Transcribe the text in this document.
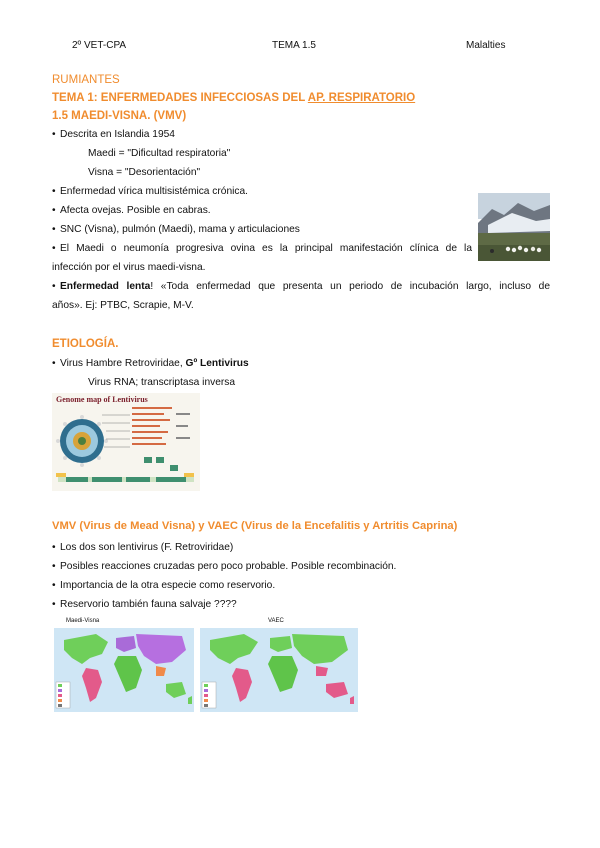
2º VET-CPA	TEMA 1.5	Malalties
RUMIANTES
TEMA 1: ENFERMEDADES INFECCIOSAS DEL AP. RESPIRATORIO
1.5 MAEDI-VISNA. (VMV)
• Descrita en Islandia 1954
Maedi = "Dificultad respiratoria"
Visna = "Desorientación"
• Enfermedad vírica multisistémica crónica.
• Afecta ovejas. Posible en cabras.
• SNC (Visna), pulmón (Maedi), mama y articulaciones
• El Maedi o neumonía progresiva ovina es la principal manifestación clínica de la
infección por el virus maedi-visna.
• Enfermedad lenta! «Toda enfermedad que presenta un periodo de incubación largo, incluso de
años». Ej: PTBC, Scrapie, M-V.
ETIOLOGÍA.
• Virus Hambre Retroviridae, Gº Lentivirus
Virus RNA; transcriptasa inversa
Genome map of Lentivirus
VMV (Virus de Mead Visna) y VAEC (Virus de la Encefalitis y Artritis Caprina)
• Los dos son lentivirus (F. Retroviridae)
• Posibles reacciones cruzadas pero poco probable. Posible recombinación.
• Importancia de la otra especie como reservorio.
• Reservorio también fauna salvaje ????
Maedi-Visna	VAEC
